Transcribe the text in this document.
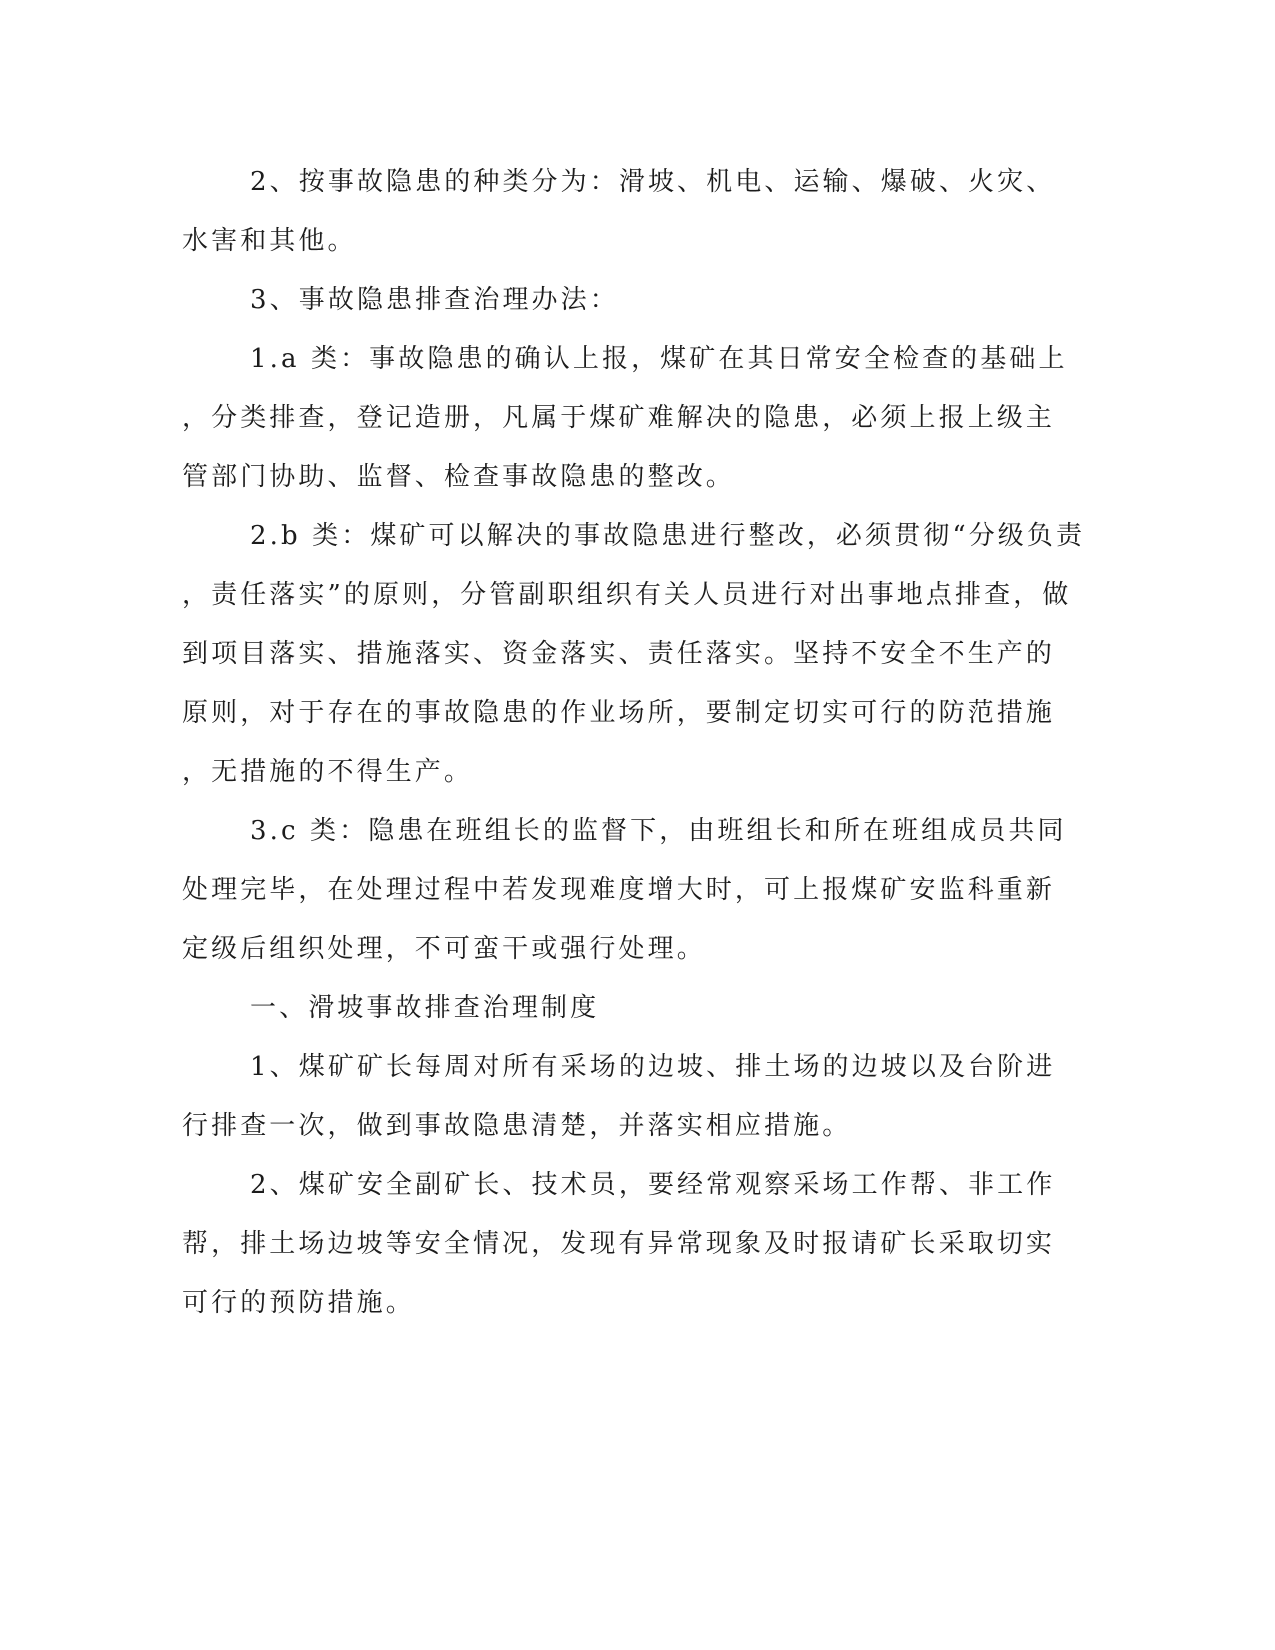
2、按事故隐患的种类分为：滑坡、机电、运输、爆破、火灾、

水害和其他。

3、事故隐患排查治理办法：

1.a 类：事故隐患的确认上报，煤矿在其日常安全检查的基础上

，分类排查，登记造册，凡属于煤矿难解决的隐患，必须上报上级主

管部门协助、监督、检查事故隐患的整改。

2.b 类：煤矿可以解决的事故隐患进行整改，必须贯彻“分级负责

，责任落实”的原则，分管副职组织有关人员进行对出事地点排查，做

到项目落实、措施落实、资金落实、责任落实。坚持不安全不生产的

原则，对于存在的事故隐患的作业场所，要制定切实可行的防范措施

，无措施的不得生产。

3.c 类：隐患在班组长的监督下，由班组长和所在班组成员共同

处理完毕，在处理过程中若发现难度增大时，可上报煤矿安监科重新

定级后组织处理，不可蛮干或强行处理。

一、滑坡事故排查治理制度

1、煤矿矿长每周对所有采场的边坡、排土场的边坡以及台阶进

行排查一次，做到事故隐患清楚，并落实相应措施。

2、煤矿安全副矿长、技术员，要经常观察采场工作帮、非工作

帮，排土场边坡等安全情况，发现有异常现象及时报请矿长采取切实

可行的预防措施。
